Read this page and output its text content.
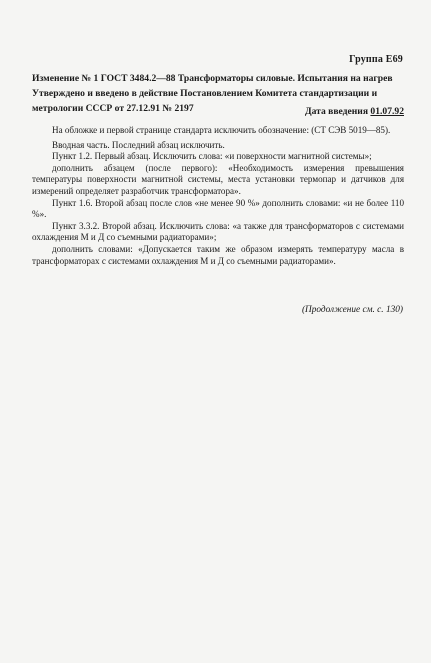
Группа Е69

Изменение № 1 ГОСТ 3484.2—88 Трансформаторы силовые. Испытания на нагрев

Утверждено и введено в действие Постановлением Комитета стандартизации и метрологии СССР от 27.12.91 № 2197	Дата введения 01.07.92

На обложке и первой странице стандарта исключить обозначение: (СТ СЭВ 5019—85).

Вводная часть. Последний абзац исключить.

Пункт 1.2. Первый абзац. Исключить слова: «и поверхности магнитной системы»;

дополнить абзацем (после первого): «Необходимость измерения превышения температуры поверхности магнитной системы, места установки термопар и датчиков для измерений определяет разработчик трансформатора».

Пункт 1.6. Второй абзац после слов «не менее 90 %» дополнить словами: «и не более 110 %».

Пункт 3.3.2. Второй абзац. Исключить слова: «а также для трансформаторов с системами охлаждения М и Д со съемными радиаторами»;

дополнить словами: «Допускается таким же образом измерять температуру масла в трансформаторах с системами охлаждения М и Д со съемными радиаторами».

(Продолжение см. с. 130)
